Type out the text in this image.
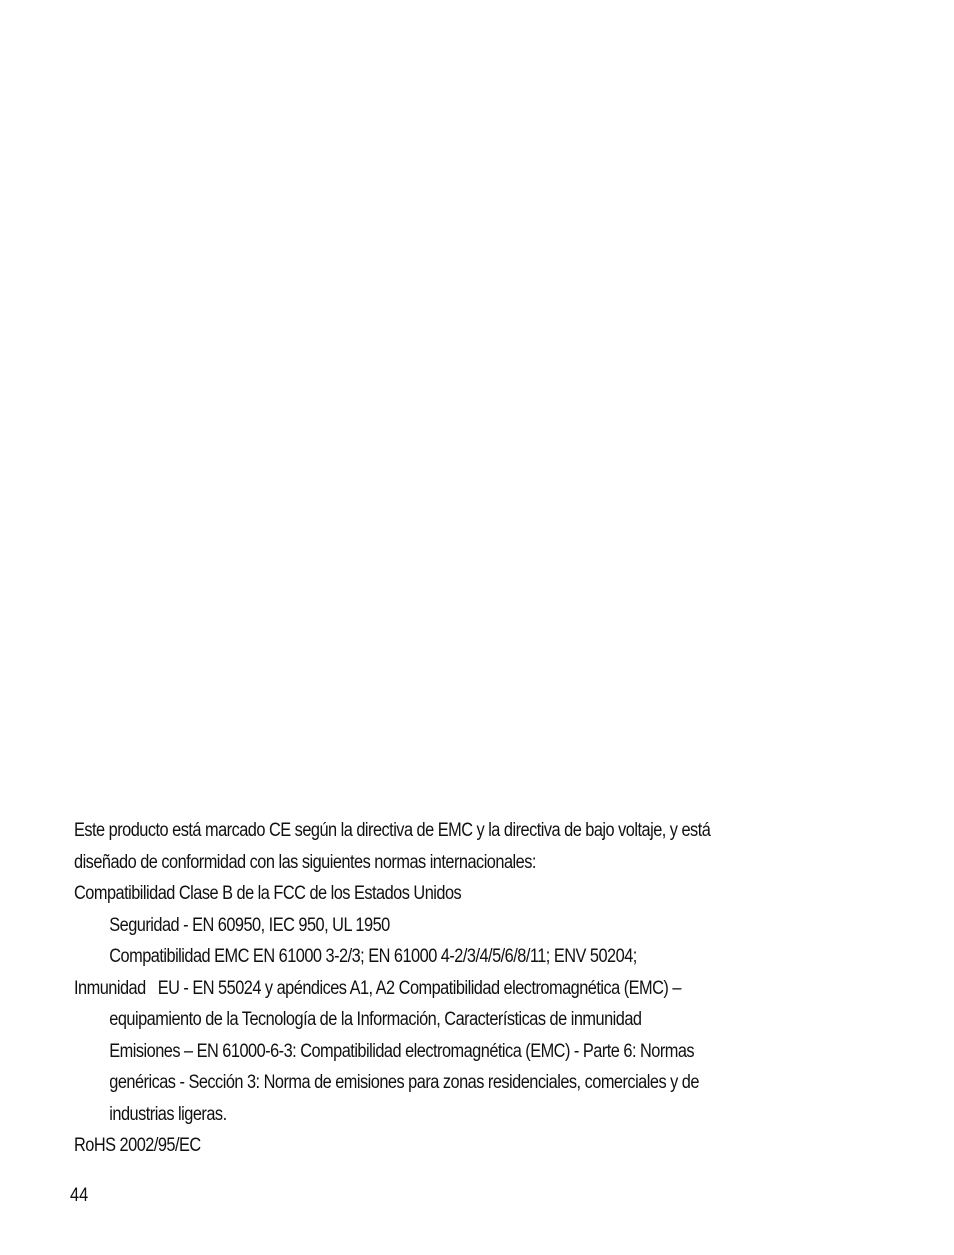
Este producto está marcado CE según la directiva de EMC y la directiva de bajo voltaje, y está diseñado de conformidad con las siguientes normas internacionales:

Compatibilidad Clase B de la FCC de los Estados Unidos

Seguridad - EN 60950, IEC 950, UL 1950

Compatibilidad EMC EN 61000 3-2/3; EN 61000 4-2/3/4/5/6/8/11; ENV 50204;

Inmunidad EU - EN 55024 y apéndices A1, A2 Compatibilidad electromagnética (EMC) – equipamiento de la Tecnología de la Información, Características de inmunidad

Emisiones – EN 61000-6-3: Compatibilidad electromagnética (EMC) - Parte 6: Normas genéricas - Sección 3: Norma de emisiones para zonas residenciales, comerciales y de industrias ligeras.

RoHS 2002/95/EC

44
